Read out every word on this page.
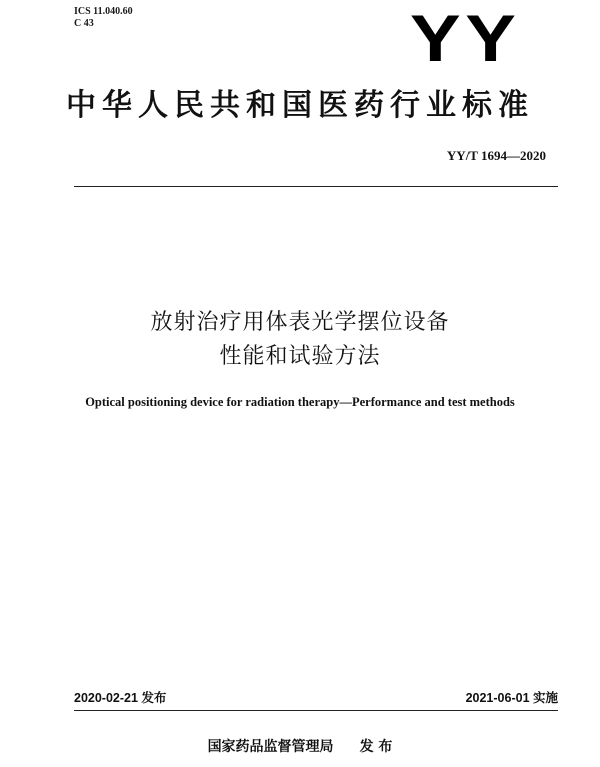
ICS 11.040.60
C 43	YY
中华人民共和国医药行业标准
YY/T 1694—2020
放射治疗用体表光学摆位设备
性能和试验方法
Optical positioning device for radiation therapy—Performance and test methods
2020-02-21 发布	2021-06-01 实施
国家药品监督管理局 发 布
